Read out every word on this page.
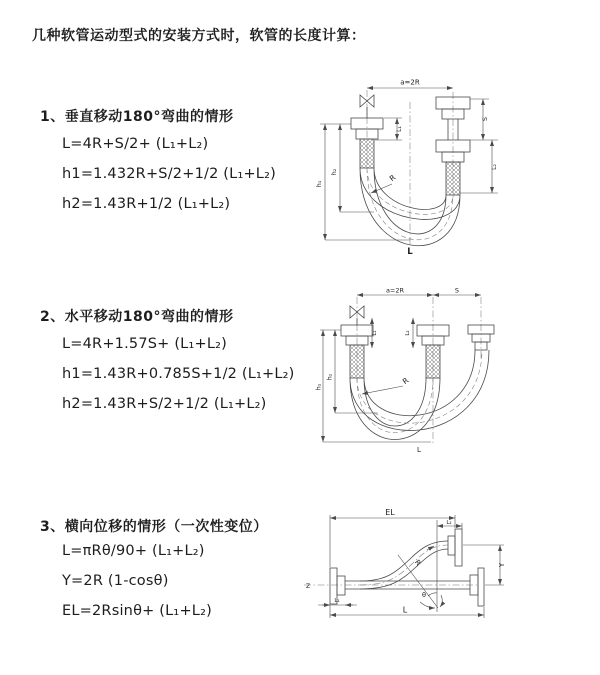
几种软管运动型式的安装方式时，软管的长度计算：
1、垂直移动180°弯曲的情形
L=4R+S/2+ (L₁+L₂)
h1=1.432R+S/2+1/2 (L₁+L₂)
h2=1.43R+1/2 (L₁+L₂)
2、水平移动180°弯曲的情形
L=4R+1.57S+ (L₁+L₂)
h1=1.43R+0.785S+1/2 (L₁+L₂)
h2=1.43R+S/2+1/2 (L₁+L₂)
3、横向位移的情形（一次性变位）
L=πRθ/90+ (L₁+L₂)
Y=2R (1-cosθ)
EL=2Rsinθ+ (L₁+L₂)
a=2R
S
L₁
L₂
h₁
h₂
R
L
a=2R	S
L₁	L₂
h₁
h₂	R
L
EL
L₂
Y
R
θ
L
L₁
Z
